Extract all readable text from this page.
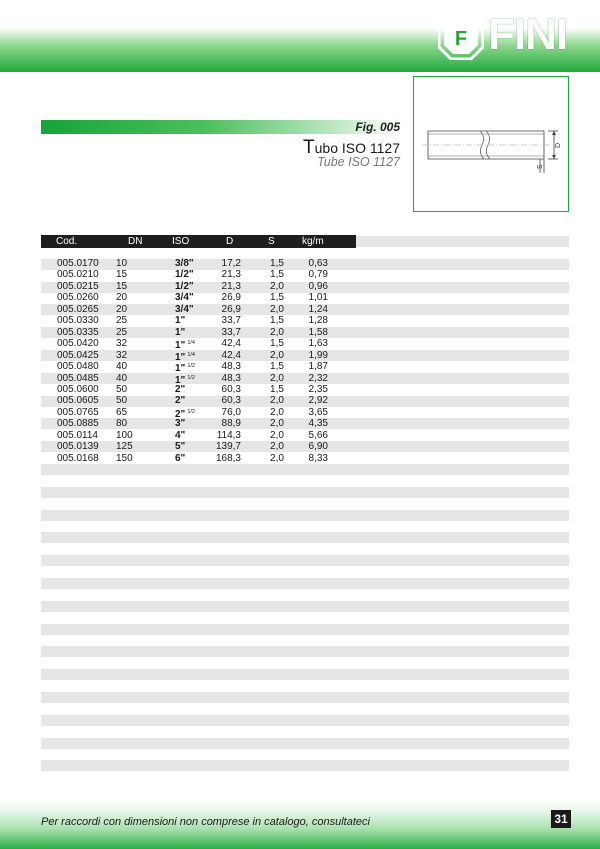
F FINI
Fig. 005
Tubo ISO 1127
Tube ISO 1127
D
S
Cod.	DN	ISO	D	S	kg/m
005.0170 10	3/8"	17,2	1,5	0,63
005.0210 15	1/2"	21,3	1,5	0,79
005.0215 15	1/2"	21,3	2,0	0,96
005.0260 20	3/4"	26,9	1,5	1,01
005.0265 20	3/4"	26,9	2,0	1,24
005.0330 25	1"	33,7	1,5	1,28
005.0335 25	1"	33,7	2,0	1,58
005.0420 32	1" $^{1/4}$	42,4	1,5	1,63
005.0425 32	1" $^{1/4}$	42,4	2,0	1,99
005.0480 40	1" $^{1/2}$	48,3	1,5	1,87
005.0485 40	1" $^{1/2}$	48,3	2,0	2,32
005.0600 50	2"	60,3	1,5	2,35
005.0605 50	2"	60,3	2,0	2,92
005.0765 65	2" $^{1/2}$	76,0	2,0	3,65
005.0885 80	3"	88,9	2,0	4,35
005.0114 100	4"	114,3	2,0	5,66
005.0139 125	5"	139,7	2,0	6,90
005.0168 150	6"	168,3	2,0	8,33
Per raccordi con dimensioni non comprese in catalogo, consultateci	31
